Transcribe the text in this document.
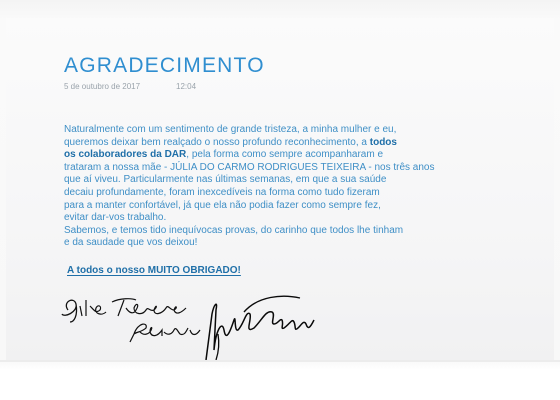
AGRADECIMENTO
5 de outubro de 2017	12:04
Naturalmente com um sentimento de grande tristeza, a minha mulher e eu,
queremos deixar bem realçado o nosso profundo reconhecimento, a todos
os colaboradores da DAR, pela forma como sempre acompanharam e
trataram a nossa mãe - JÚLIA DO CARMO RODRIGUES TEIXEIRA - nos três anos
que aí viveu. Particularmente nas últimas semanas, em que a sua saúde
decaiu profundamente, foram inexcedíveis na forma como tudo fizeram
para a manter confortável, já que ela não podia fazer como sempre fez,
evitar dar-vos trabalho.
Sabemos, e temos tido inequívocas provas, do carinho que todos lhe tinham
e da saudade que vos deixou!
A todos o nosso MUITO OBRIGADO!
